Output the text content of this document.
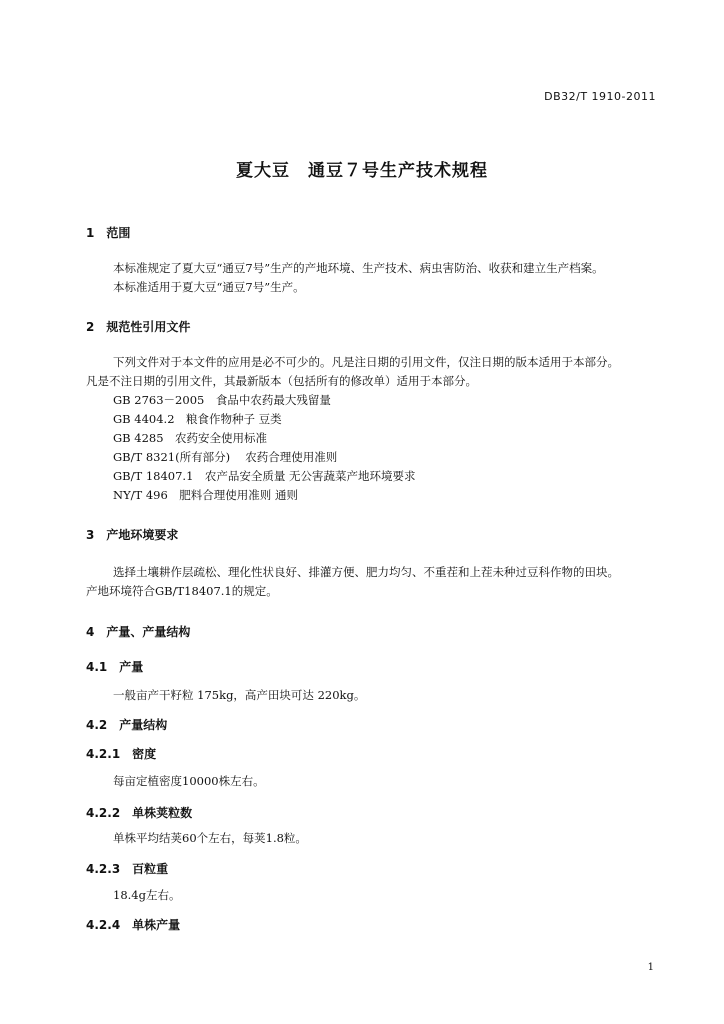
DB32/T 1910-2011
夏大豆　通豆７号生产技术规程
1 范围
本标准规定了夏大豆“通豆7号”生产的产地环境、生产技术、病虫害防治、收获和建立生产档案。
本标准适用于夏大豆“通豆7号”生产。
2 规范性引用文件
下列文件对于本文件的应用是必不可少的。凡是注日期的引用文件，仅注日期的版本适用于本部分。
凡是不注日期的引用文件，其最新版本（包括所有的修改单）适用于本部分。
GB 2763－2005　食品中农药最大残留量
GB 4404.2　粮食作物种子 豆类
GB 4285　农药安全使用标准
GB/T 8321(所有部分)　 农药合理使用准则
GB/T 18407.1　农产品安全质量 无公害蔬菜产地环境要求
NY/T 496　肥料合理使用准则 通则
3 产地环境要求
选择土壤耕作层疏松、理化性状良好、排灌方便、肥力均匀、不重茬和上茬未种过豆科作物的田块。
产地环境符合GB/T18407.1的规定。
4 产量、产量结构
4.1 产量
一般亩产干籽粒 175kg，高产田块可达 220kg。
4.2 产量结构
4.2.1 密度
每亩定植密度10000株左右。
4.2.2 单株荚粒数
单株平均结荚60个左右，每荚1.8粒。
4.2.3 百粒重
18.4g左右。
4.2.4 单株产量
1
